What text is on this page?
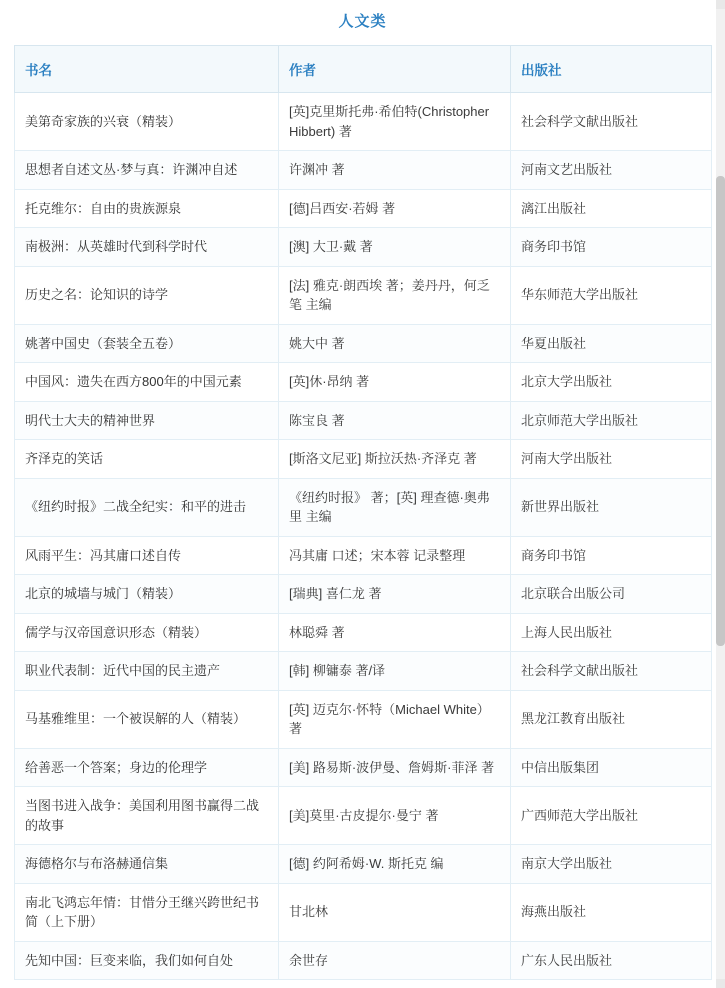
人文类
书名	作者	出版社
美第奇家族的兴衰（精装）	[英]克里斯托弗·希伯特(Christopher Hibbert) 著	社会科学文献出版社
思想者自述文丛·梦与真：许渊冲自述	许渊冲 著	河南文艺出版社
托克维尔：自由的贵族源泉	[德]吕西安·若姆 著	漓江出版社
南极洲：从英雄时代到科学时代	[澳] 大卫·戴 著	商务印书馆
历史之名：论知识的诗学	[法] 雅克·朗西埃 著；姜丹丹，何乏笔 主编	华东师范大学出版社
姚著中国史（套装全五卷）	姚大中 著	华夏出版社
中国风：遗失在西方800年的中国元素	[英]休·昂纳 著	北京大学出版社
明代士大夫的精神世界	陈宝良 著	北京师范大学出版社
齐泽克的笑话	[斯洛文尼亚] 斯拉沃热·齐泽克 著	河南大学出版社
《纽约时报》二战全纪实：和平的进击	《纽约时报》 著；[英] 理查德·奥弗里 主编	新世界出版社
风雨平生：冯其庸口述自传	冯其庸 口述；宋本蓉 记录整理	商务印书馆
北京的城墙与城门（精装）	[瑞典] 喜仁龙 著	北京联合出版公司
儒学与汉帝国意识形态（精装）	林聪舜 著	上海人民出版社
职业代表制：近代中国的民主遗产	[韩] 柳镛泰 著/译	社会科学文献出版社
马基雅维里：一个被误解的人（精装）	[英] 迈克尔·怀特（Michael White）著	黑龙江教育出版社
给善恶一个答案；身边的伦理学	[美] 路易斯·波伊曼、詹姆斯·菲泽 著	中信出版集团
当图书进入战争：美国利用图书赢得二战的故事	[美]莫里·古皮提尔·曼宁 著	广西师范大学出版社
海德格尔与布洛赫通信集	[德] 约阿希姆·W. 斯托克 编	南京大学出版社
南北飞鸿忘年情：甘惜分王继兴跨世纪书简（上下册）	甘北林	海燕出版社
先知中国：巨变来临，我们如何自处	余世存	广东人民出版社
